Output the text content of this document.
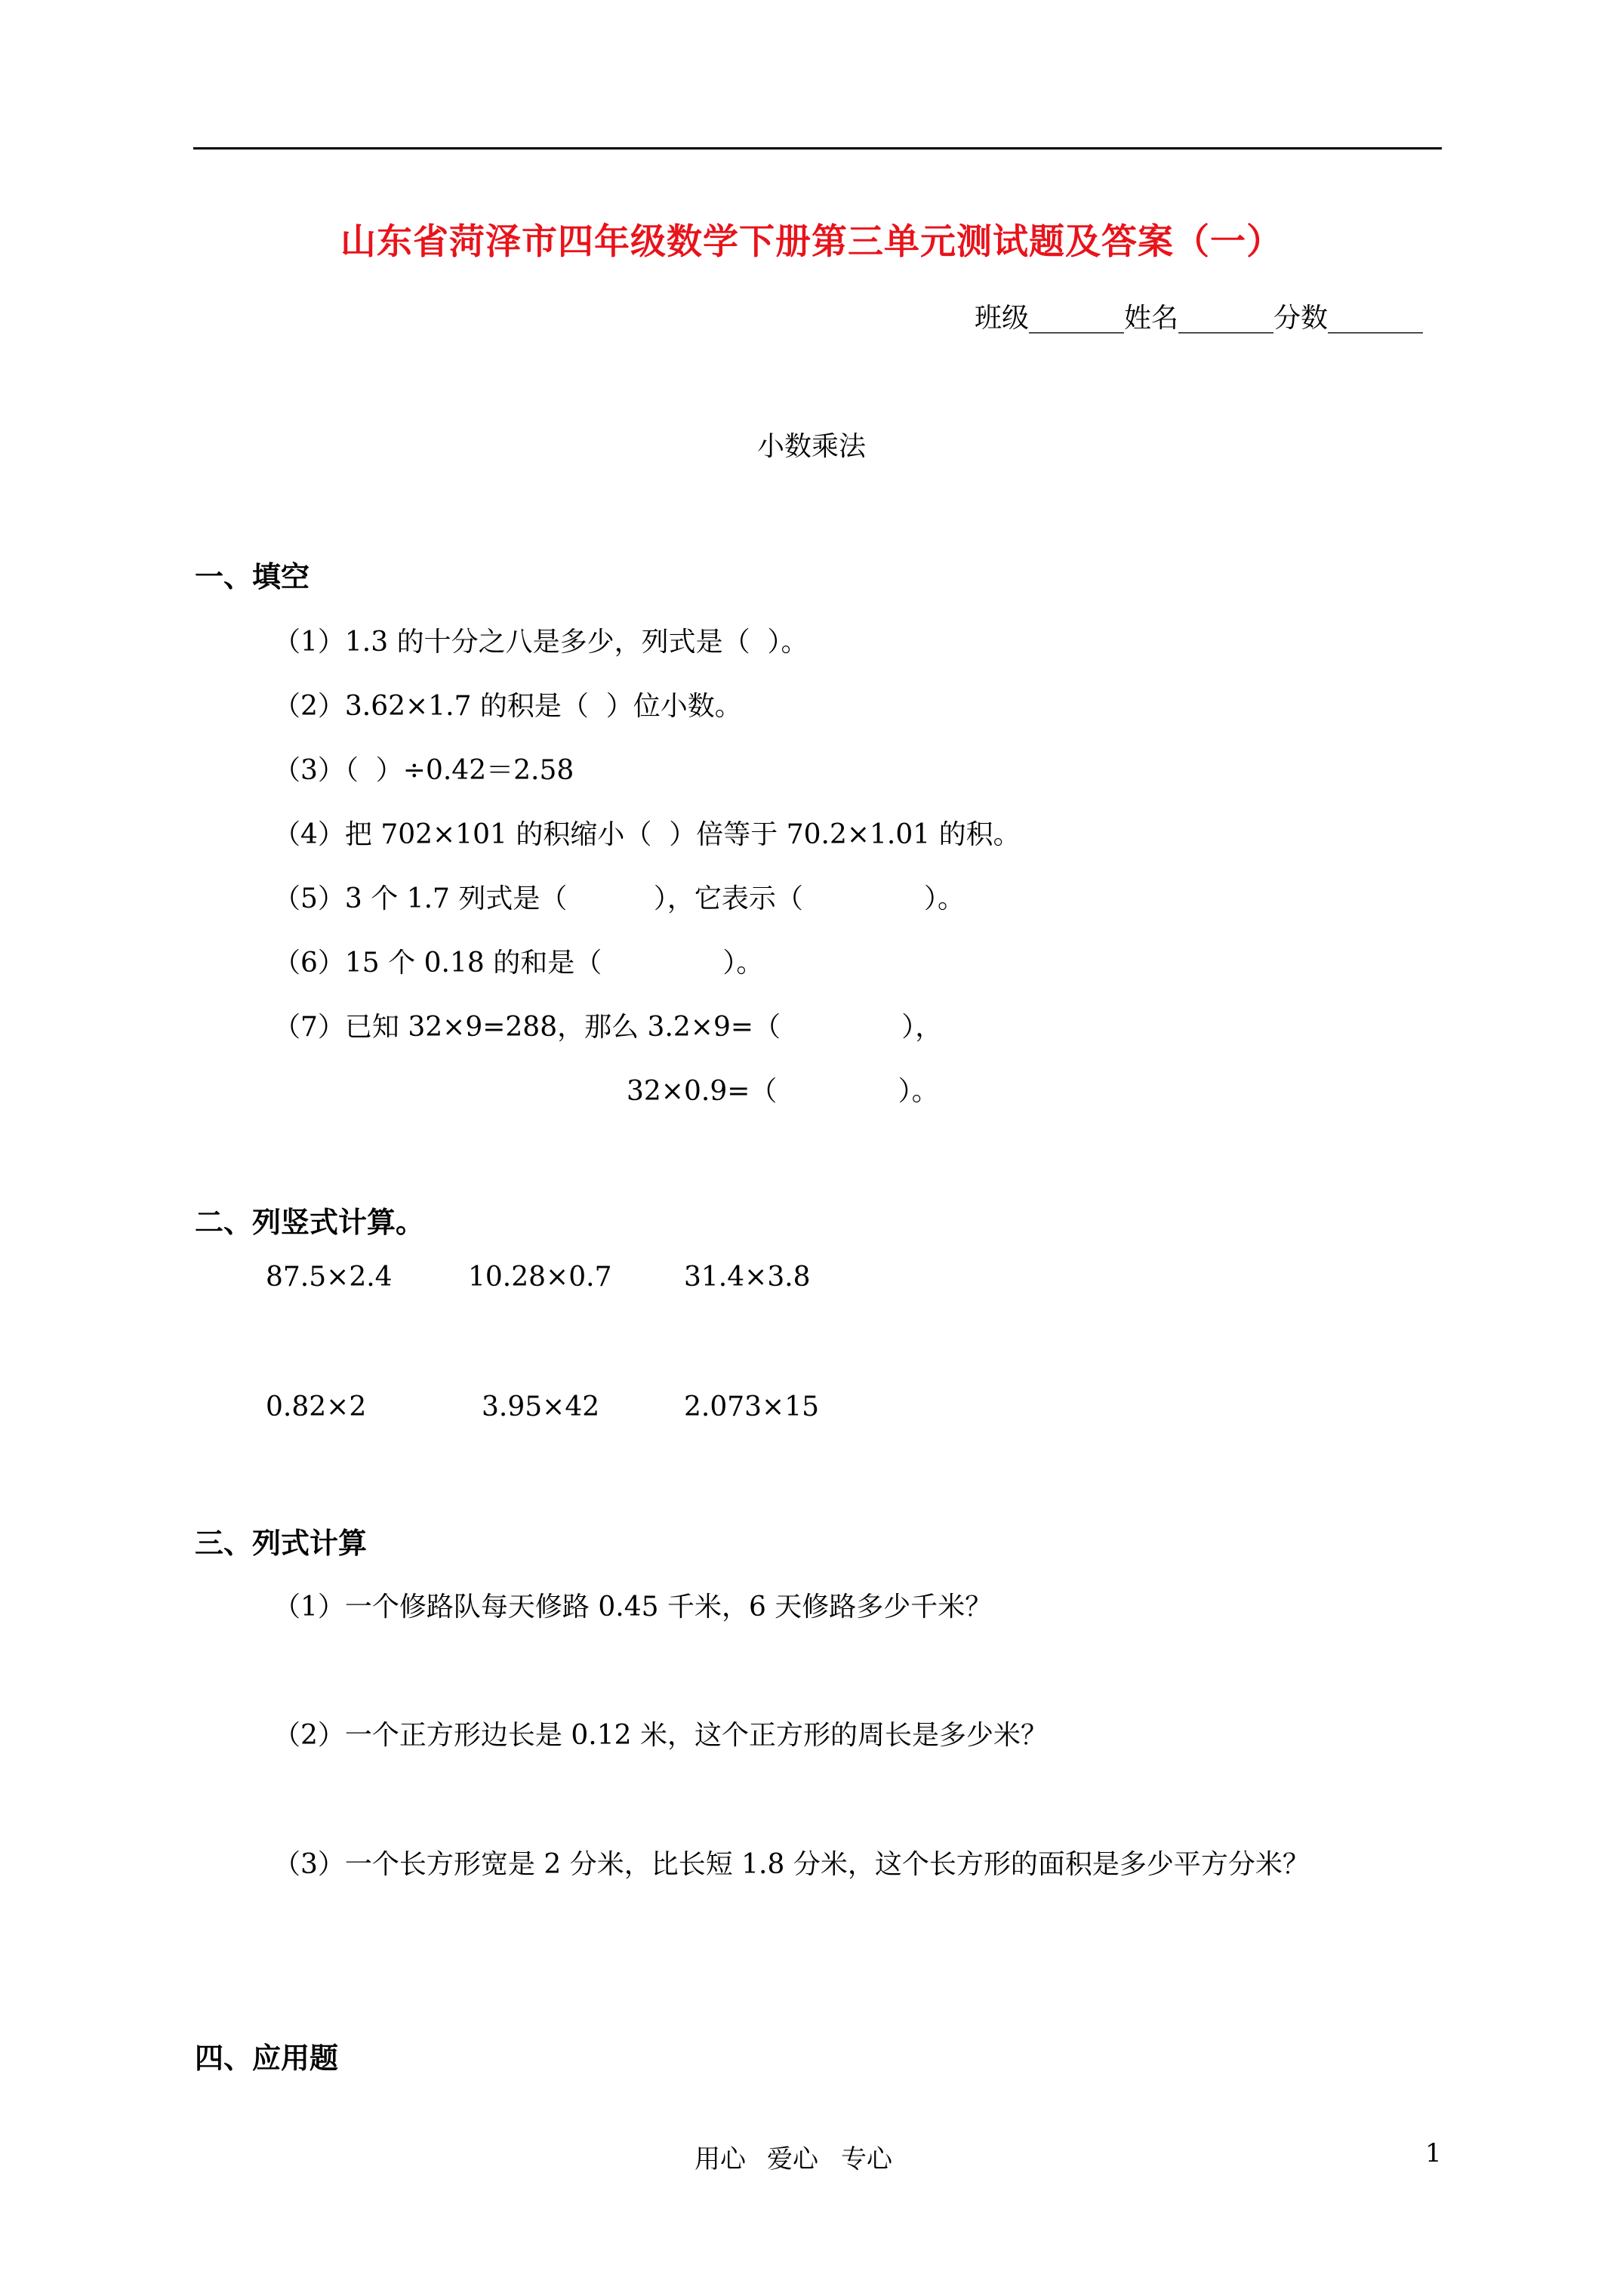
山东省菏泽市四年级数学下册第三单元测试题及答案（一）
班级_______姓名_______分数_______
小数乘法
一、填空
（1）1.3 的十分之八是多少，列式是（  ）。
（2）3.62×1.7 的积是（  ）位小数。
（3）（  ）÷0.42＝2.58
（4）把 702×101 的积缩小（  ）倍等于 70.2×1.01 的积。
（5）3 个 1.7 列式是（          ），它表示（              ）。
（6）15 个 0.18 的和是（              ）。
（7）已知 32×9=288，那么 3.2×9=（              ），
32×0.9=（              ）。
二、列竖式计算。
87.5×2.4	10.28×0.7	31.4×3.8
0.82×2	3.95×42	2.073×15
三、列式计算
（1）一个修路队每天修路 0.45 千米，6 天修路多少千米？
（2）一个正方形边长是 0.12 米，这个正方形的周长是多少米？
（3）一个长方形宽是 2 分米，比长短 1.8 分米，这个长方形的面积是多少平方分米？
四、应用题
用心 爱心 专心	1
